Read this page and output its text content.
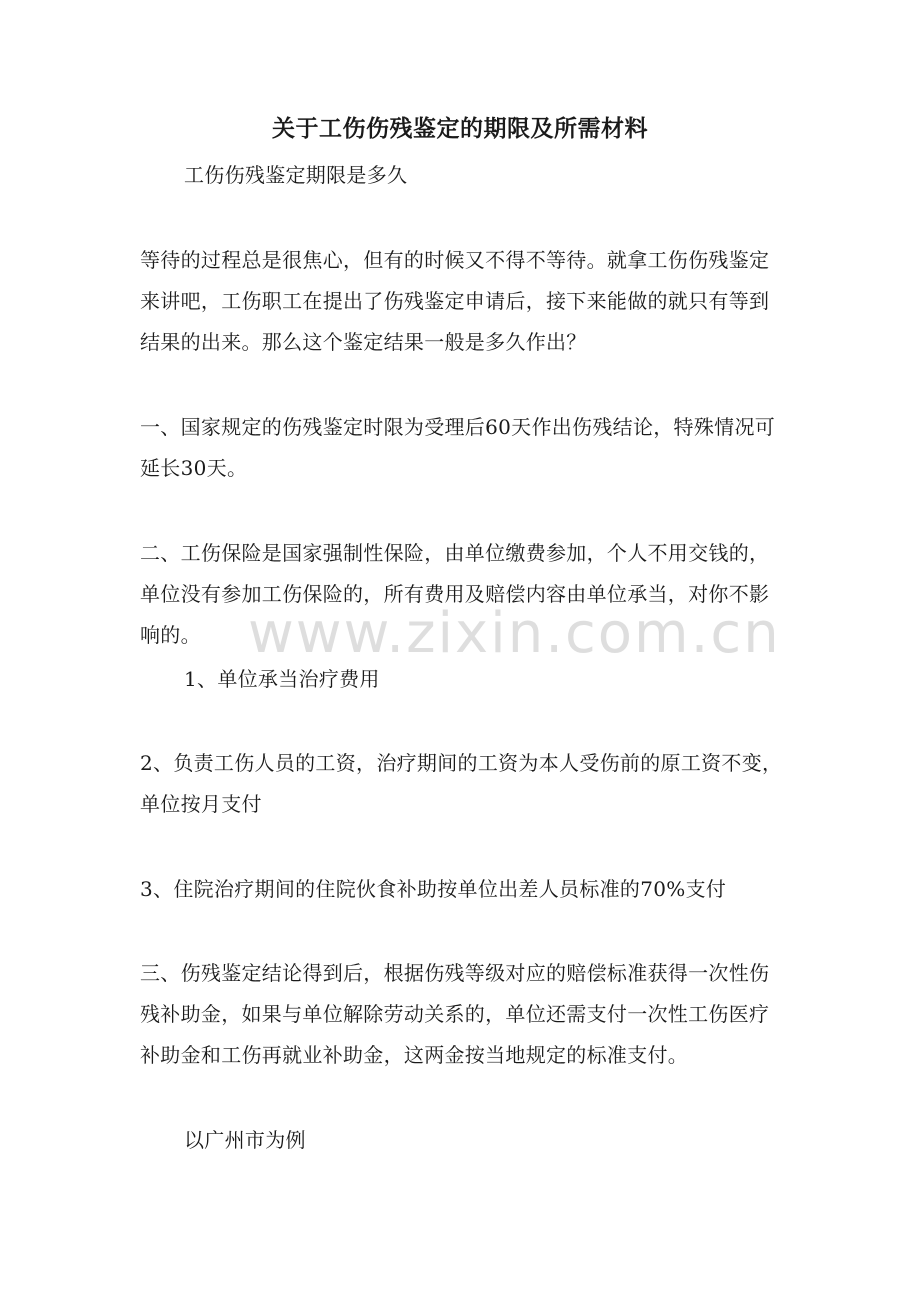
关于工伤伤残鉴定的期限及所需材料
工伤伤残鉴定期限是多久
等待的过程总是很焦心，但有的时候又不得不等待。就拿工伤伤残鉴定来讲吧，工伤职工在提出了伤残鉴定申请后，接下来能做的就只有等到结果的出来。那么这个鉴定结果一般是多久作出？
一、国家规定的伤残鉴定时限为受理后60天作出伤残结论，特殊情况可延长30天。
二、工伤保险是国家强制性保险，由单位缴费参加，个人不用交钱的，单位没有参加工伤保险的，所有费用及赔偿内容由单位承当，对你不影响的。
1、单位承当治疗费用
2、负责工伤人员的工资，治疗期间的工资为本人受伤前的原工资不变，单位按月支付
3、住院治疗期间的住院伙食补助按单位出差人员标准的70%支付
三、伤残鉴定结论得到后，根据伤残等级对应的赔偿标准获得一次性伤残补助金，如果与单位解除劳动关系的，单位还需支付一次性工伤医疗补助金和工伤再就业补助金，这两金按当地规定的标准支付。
以广州市为例
www.zixin.com.cn
